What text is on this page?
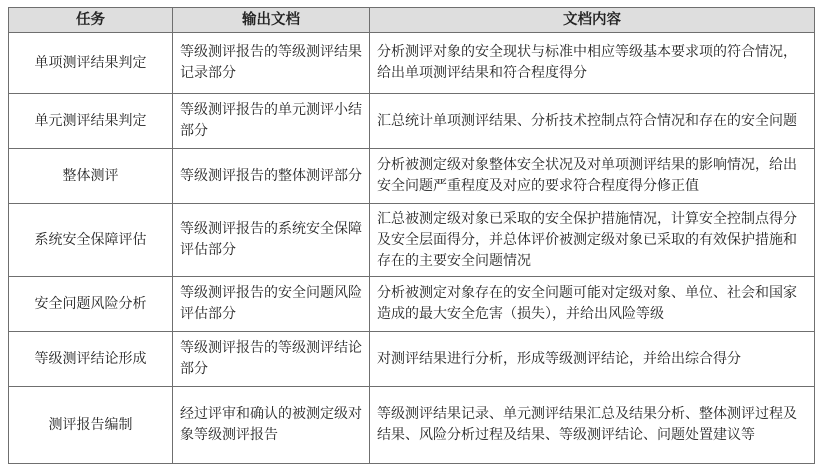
任务	输出文档	文档内容
单项测评结果判定	等级测评报告的等级测评结果记录部分	分析测评对象的安全现状与标准中相应等级基本要求项的符合情况，给出单项测评结果和符合程度得分
单元测评结果判定	等级测评报告的单元测评小结部分	汇总统计单项测评结果、分析技术控制点符合情况和存在的安全问题
整体测评	等级测评报告的整体测评部分	分析被测定级对象整体安全状况及对单项测评结果的影响情况，给出安全问题严重程度及对应的要求符合程度得分修正值
系统安全保障评估	等级测评报告的系统安全保障评估部分	汇总被测定级对象已采取的安全保护措施情况，计算安全控制点得分及安全层面得分，并总体评价被测定级对象已采取的有效保护措施和存在的主要安全问题情况
安全问题风险分析	等级测评报告的安全问题风险评估部分	分析被测定对象存在的安全问题可能对定级对象、单位、社会和国家造成的最大安全危害（损失），并给出风险等级
等级测评结论形成	等级测评报告的等级测评结论部分	对测评结果进行分析，形成等级测评结论，并给出综合得分
测评报告编制	经过评审和确认的被测定级对象等级测评报告	等级测评结果记录、单元测评结果汇总及结果分析、整体测评过程及结果、风险分析过程及结果、等级测评结论、问题处置建议等
